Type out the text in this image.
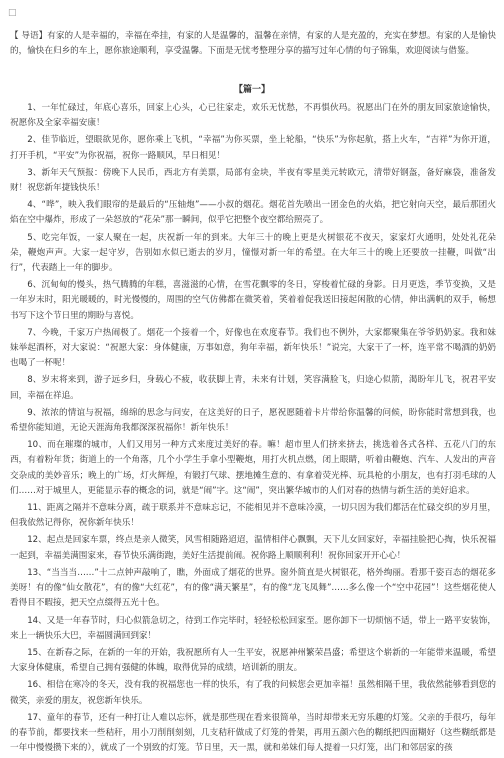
□

【 导语】有家的人是幸福的，幸福在牵挂，有家的人是温馨的，温馨在亲情，有家的人是充盈的，充实在梦想。有家的人是愉快的，愉快在归乡的车上，愿你旅途顺利，享受温馨。下面是无忧考整理分享的描写过年心情的句子锦集，欢迎阅读与借鉴。

【篇一】

1、一年忙碌过，年底心喜乐，回家上心头，心已往家走，欢乐无忧愁，不再惧伙玛。祝愿出门在外的朋友回家旅途愉快，祝愿你及全家幸福安康！

2、佳节临近，望眼欲见你，愿你乘上飞机，“幸福”为你买票，坐上轮船，“快乐”为你起航，搭上火车，“吉祥”为你开道，打开手机，“平安”为你祝福，祝你一路顺风，早日相见！

3、新年天气预报：傍晚下人民币，西北方有美票，局部有金块，半夜有零星美元转欧元，清带好钢盔，备好麻袋，准备发财！祝您新年捷钱快乐！

4、“哗”，映入我们眼帘的是最后的“压轴炮”——小叔的烟花。烟花首先喷出一团金色的火焰，把它射向天空，最后那团火焰在空中爆炸，形成了一朵怒放的“花朵”那一瞬间，似乎它把整个夜空都给照亮了。

5、吃完年饭，一家人聚在一起，庆祝新一年的到来。大年三十的晚上更是火树银花不夜天，家家灯火通明，处处礼花朵朵，鞭炮声声。大家一起守岁，告别如水似已逝去的岁月，憧憬对新一年的希望。在大年三十的晚上还要放一挂鞭，叫做“出行”，代表踏上一年的脚步。

6、沉甸甸的慢头，热气腾腾的年糕，喜滋滋的心情，在雪花飘零的冬日，穿梭着忙碌的身影。日月更迭，季节变换，又是一年岁末时，阳光暖暖的，时光慢慢的，周围的空气仿佛都在微笑着，笑着着促我送旧接起闲散的心情，伸出满帆的双手，畅想书写下这个节日里的期盼与喜悦。

7、今晚，千家万户热闹极了。烟花一个接着一个，好像也在欢度春节。我们也不例外，大家都聚集在爷爷奶奶家。我和妹妹举起酒杯，对大家说：“祝愿大家：身体健康，万事如意，狗年幸福，新年快乐！”说完，大家干了一杯，连平常不喝酒的奶奶也喝了一杯呢！

8、岁末将来到，游子远乡归，身载心不疲，收获脚上青，未来有计划，笑容满脸飞，归途心似箭，渴盼年儿飞，祝君平安回，幸福在祥追。

9、浓浓的情谊与祝福，绵绵的思念与问安，在这美好的日子，愿祝愿随着卡片带给你温馨的问候，盼你能时常想到我，也希望你能知道，无论天涯海角我都深深祝福你！新年快乐！

10、而在璀璨的城市，人们又用另一种方式来度过美好的春。嘛！超市里人们挤来挤去，挑选着各式各样、五花八门的东西，有着粉年货；街道上的一个角落，几个小学生手拿小型鞭炮，用打火机点燃，闭上眼睛，听着由鞭炮、汽车、人发出的声音交杂成的美妙音乐；晚上的广场，灯火辉煌，有锻打气球、摆地摊生意的、有拿着荧光棒、玩具枪的小朋友，也有打羽毛球的人们……对于城里人，更能显示春的概念的词，就是“闹”字。这“闹”，突出繁华城市的人们对春的热情与新生活的美好追求。

11、距离之隔并不意味分离，疏于联系并不意味忘记，不能相见并不意味冷漠，一切只因为我们都活在忙碌交织的岁月里，但我依然记得你，祝你新年快乐！

12、起点是回家车票，终点是亲人微笑，风雪相随路迢迢，温情相伴心飘飘，天下儿女回家好，幸福挂脸把心掏，快乐祝福一起到，幸福美满围家来，春节快乐满街跑，美好生活提前闹。祝你路上顺顺利利！祝你回家开开心心！

13、“当当当……”十二点钟声敲响了，瞧，外面成了烟花的世界。窗外简直是火树银花，格外绚丽。看那千姿百态的烟花多美呀！有的像“仙女散花”，有的像“大红花”，有的像“满天繁星”，有的像“龙飞凤舞”……多么像一个“空中花园”！这些烟花使人看得目不暇接，把天空点缀得五光十色。

14、又是一年春节时，归心似箭急切之，待到工作完毕时，轻轻松松回家至。愿你卸下一切烦恼不适，带上一路平安装饰，来上一辆快乐大巴，幸福圆满回到家！

15、在新春之际，在新的一年的开始，我祝愿所有人一生平安，祝愿神州繁荣昌盛；希望这个崭新的一年能带来温暖，希望大家身体健康，希望自己拥有强健的体魄，取得优异的成绩，培训新的朋友。

16、相信在寒冷的冬天，没有我的祝福您也一样的快乐，有了我的问候您会更加幸福！虽然相隔千里，我依然能够看到您的微笑，亲爱的朋友，祝您新年快乐。

17、童年的春节，还有一种打让人难以忘怀，就是那些现在看来很简单，当时却带来无穷乐趣的灯笼。父亲的手很巧，每年的春节前，都要找来一些秸秆，用小刀削削刻刻，几支秸秆做成了灯笼的骨架，再用五颜六色的糊纸把四面糊好（这些糊纸都是一年中慢慢攒下来的），就成了一个别致的灯笼。节日里，天一黑，就和弟妹们每人提着一只灯笼，出门和邻居家的孩
